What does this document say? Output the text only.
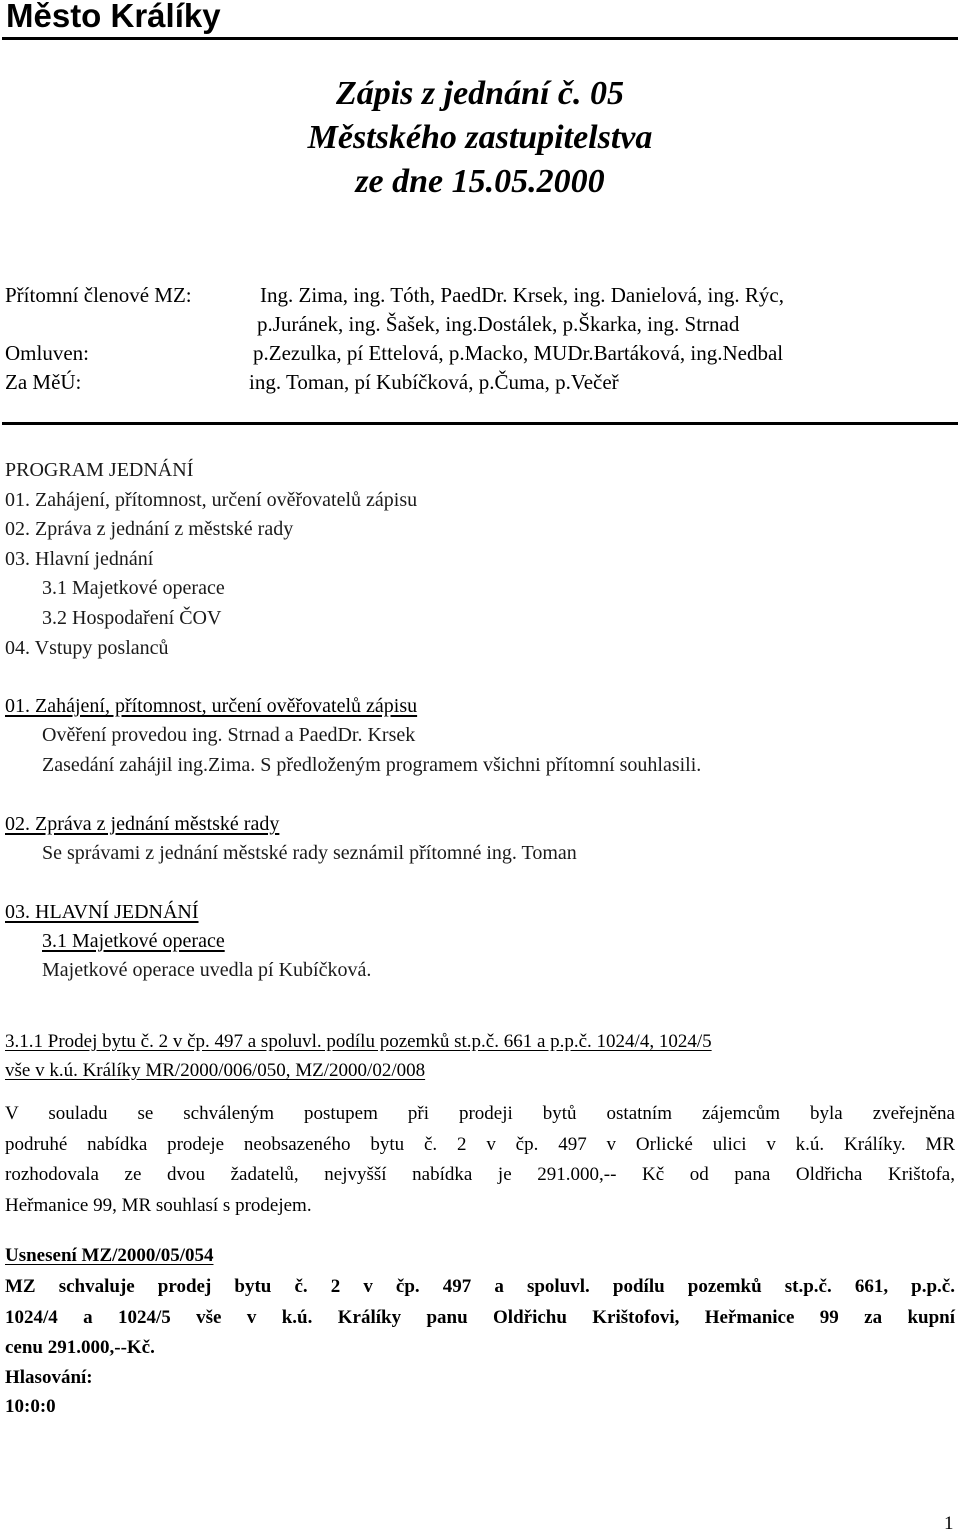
Město Králíky
Zápis z jednání č. 05
Městského zastupitelstva
ze dne 15.05.2000
Přítomní členové MZ:	Ing. Zima, ing. Tóth, PaedDr. Krsek, ing. Danielová, ing. Rýc,
p.Juránek, ing. Šašek, ing.Dostálek, p.Škarka, ing. Strnad
Omluven:	p.Zezulka, pí Ettelová, p.Macko, MUDr.Bartáková, ing.Nedbal
Za MěÚ:	ing. Toman, pí Kubíčková, p.Čuma, p.Večeř
PROGRAM JEDNÁNÍ
01. Zahájení, přítomnost, určení ověřovatelů zápisu
02. Zpráva z jednání z městské rady
03. Hlavní jednání
3.1 Majetkové operace
3.2 Hospodaření ČOV
04. Vstupy poslanců
01. Zahájení, přítomnost, určení ověřovatelů zápisu
Ověření provedou ing. Strnad a PaedDr. Krsek
Zasedání zahájil ing.Zima. S předloženým programem všichni přítomní souhlasili.
02. Zpráva z jednání městské rady
Se správami z jednání městské rady seznámil přítomné ing. Toman
03. HLAVNÍ JEDNÁNÍ
3.1 Majetkové operace
Majetkové operace uvedla pí Kubíčková.
3.1.1 Prodej bytu č. 2 v čp. 497 a spoluvl. podílu pozemků st.p.č. 661 a p.p.č. 1024/4, 1024/5
vše v k.ú. Králíky MR/2000/006/050, MZ/2000/02/008
V souladu se schváleným postupem při prodeji bytů ostatním zájemcům byla zveřejněna
podruhé nabídka prodeje neobsazeného bytu č. 2 v čp. 497 v Orlické ulici v k.ú. Králíky. MR
rozhodovala ze dvou žadatelů, nejvyšší nabídka je 291.000,-- Kč od pana Oldřicha Krištofa,
Heřmanice 99, MR souhlasí s prodejem.
Usnesení MZ/2000/05/054
MZ schvaluje prodej bytu č. 2 v čp. 497 a spoluvl. podílu pozemků st.p.č. 661, p.p.č.
1024/4 a 1024/5 vše v k.ú. Králíky panu Oldřichu Krištofovi, Heřmanice 99 za kupní
cenu 291.000,--Kč.
Hlasování:
10:0:0
1
